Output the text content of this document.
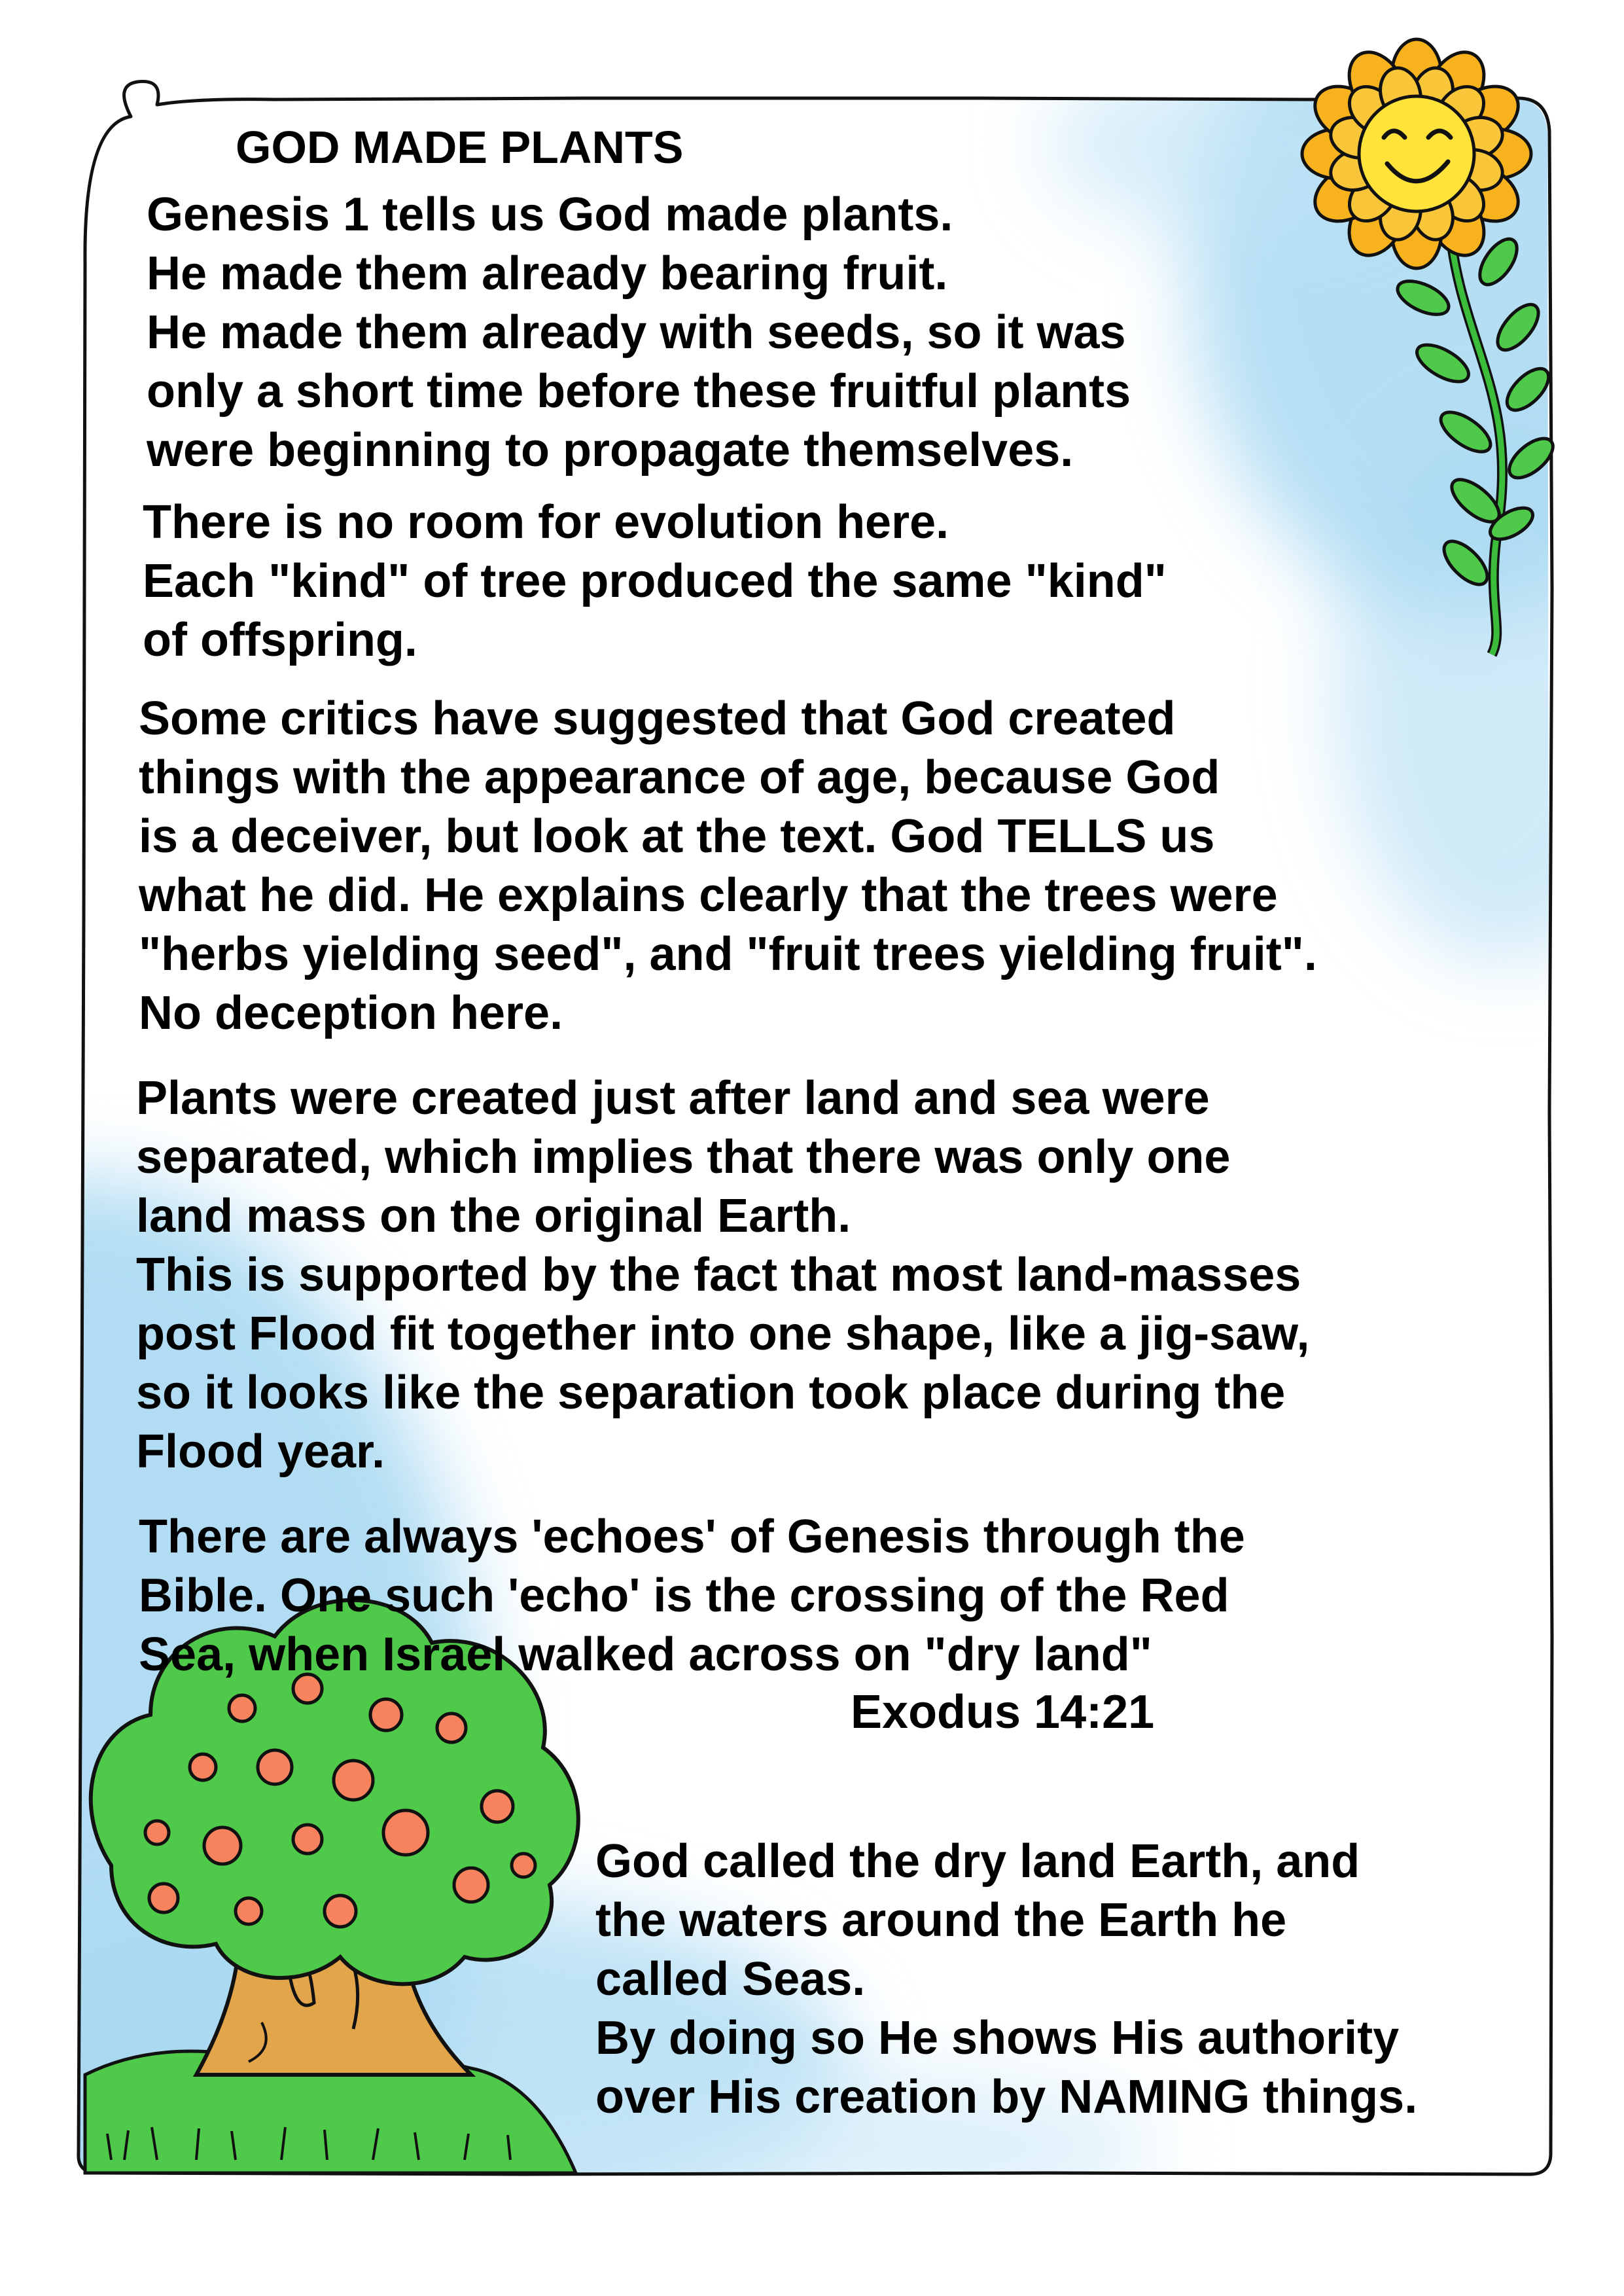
GOD MADE PLANTS

Genesis 1 tells us God made plants.

He made them already bearing fruit.

He made them already with seeds, so it was

only a short time before these fruitful plants

were beginning to propagate themselves.

There is no room for evolution here.

Each "kind" of tree produced the same "kind"

of offspring.

Some critics have suggested that God created

things with the appearance of age, because God

is a deceiver, but look at the text. God TELLS us

what he did. He explains clearly that the trees were

"herbs yielding seed", and "fruit trees yielding fruit".

No deception here.

Plants were created just after land and sea were

separated, which implies that there was only one

land mass on the original Earth.

This is supported by the fact that most land-masses

post Flood fit together into one shape, like a jig-saw,

so it looks like the separation took place during the

Flood year.

There are always 'echoes' of Genesis through the

Bible. One such 'echo' is the crossing of the Red

Sea, when Israel walked across on "dry land"

Exodus 14:21

God called the dry land Earth, and

the waters around the Earth he

called Seas.

By doing so He shows His authority

over His creation by NAMING things.
